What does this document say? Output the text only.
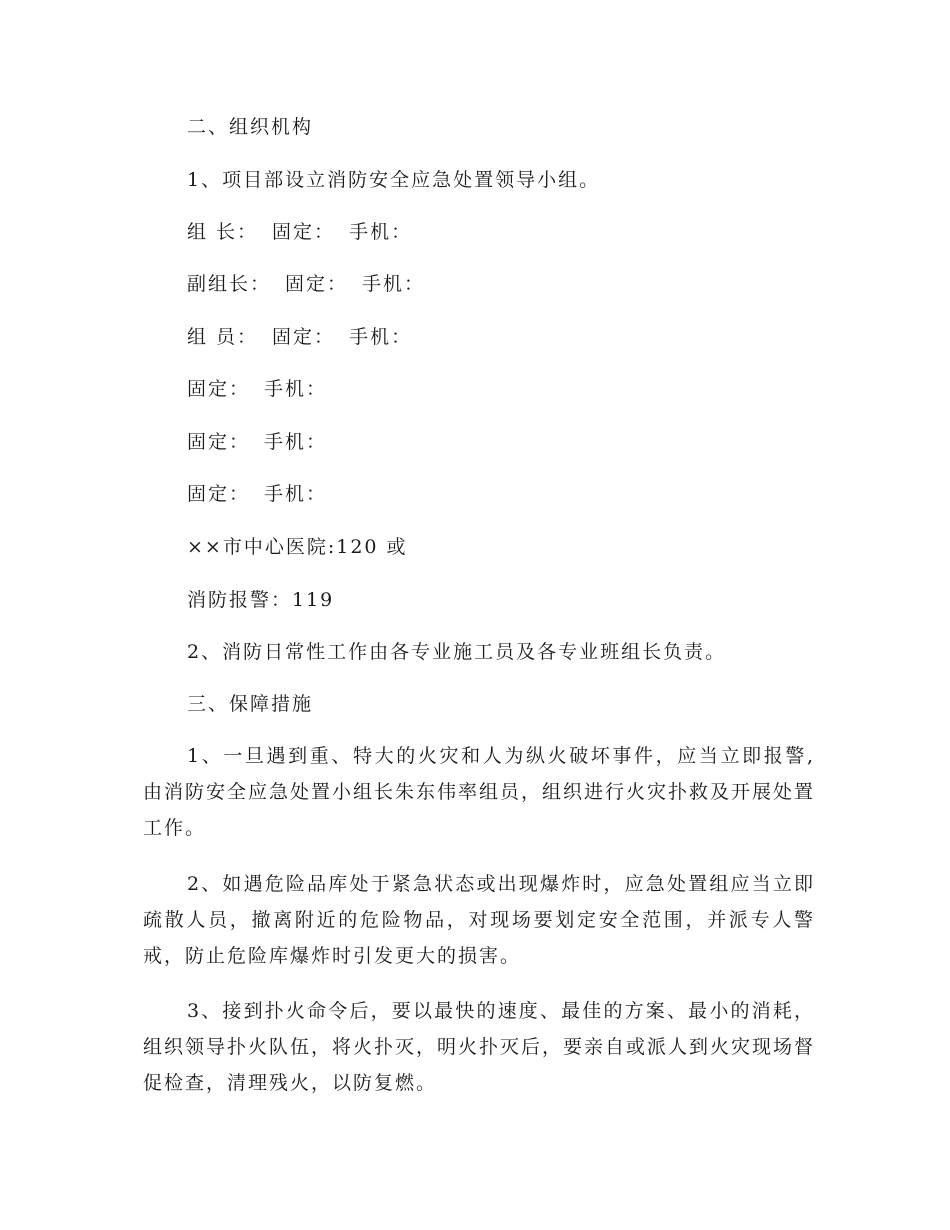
二、组织机构
1、项目部设立消防安全应急处置领导小组。
组 长： 固定： 手机：
副组长： 固定： 手机：
组 员： 固定： 手机：
固定： 手机：
固定： 手机：
固定： 手机：
××市中心医院:120 或
消防报警：119
2、消防日常性工作由各专业施工员及各专业班组长负责。
三、保障措施
1、一旦遇到重、特大的火灾和人为纵火破坏事件，应当立即报警,由消防安全应急处置小组长朱东伟率组员，组织进行火灾扑救及开展处置工作。
2、如遇危险品库处于紧急状态或出现爆炸时，应急处置组应当立即疏散人员，撤离附近的危险物品，对现场要划定安全范围，并派专人警戒，防止危险库爆炸时引发更大的损害。
3、接到扑火命令后，要以最快的速度、最佳的方案、最小的消耗，组织领导扑火队伍，将火扑灭，明火扑灭后，要亲自或派人到火灾现场督促检查，清理残火，以防复燃。
